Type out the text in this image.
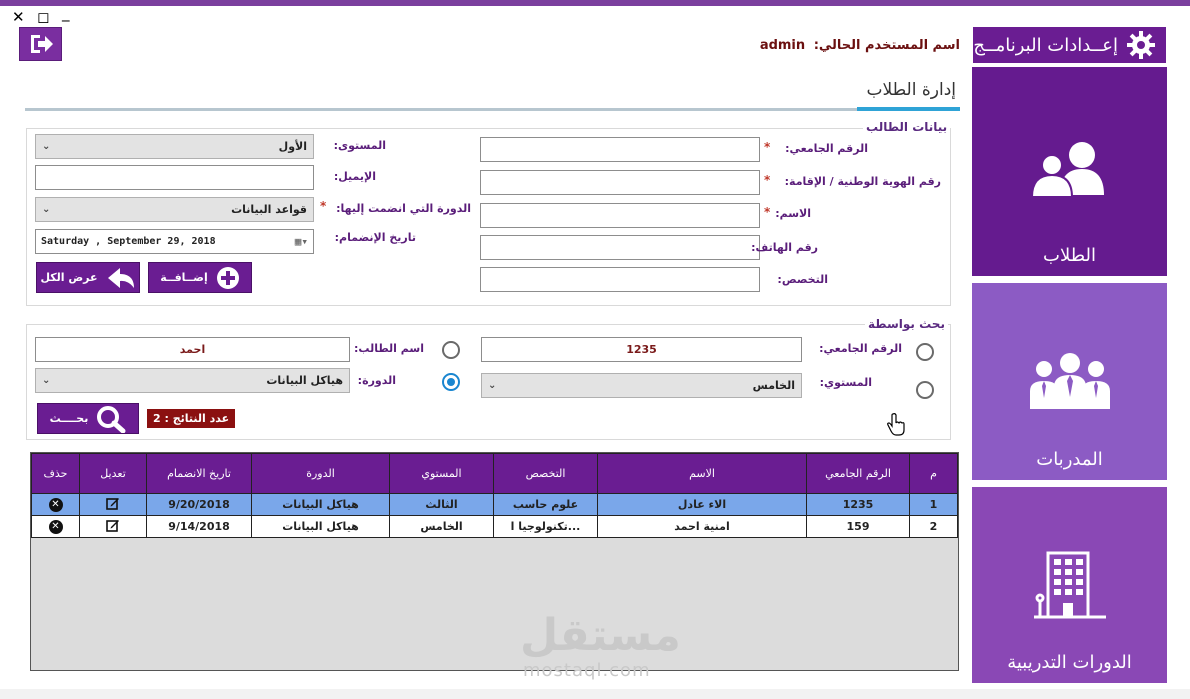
✕ ◻ _
اسم المستخدم الحالي: admin	إعــدادات البرنامــج
إدارة الطلاب
الطلاب
المدربات
الدورات التدريبية
بيانات الطالب
* الرقم الجامعي:
*	رقم الهوية الوطنية / الإقامة:
* الاسم:
رقم الهاتف:
التخصص:
⌄	الأول	المستوى:
الإيميل:
⌄	قواعد البيانات * الدورة التي انضمت إليها:
Saturday , September 29, 2018	▦▾	تاريخ الإنضمام:
إضــافــة
عرض الكل
بحث بواسطة
الرقم الجامعي:
1235
المستوي:
⌄	الخامس
اسم الطالب:
احمد
الدورة:
⌄	هياكل البيانات
بحــــث	عدد النتائج : 2
حذف	تعديل	تاريخ الانضمام	الدورة	المستوي	التخصص	الاسم	الرقم الجامعي	م
✕		9/20/2018	هياكل البيانات	الثالث	علوم حاسب	الاء عادل	1235	1
✕		9/14/2018	هياكل البيانات	الخامس	تكنولوجيا ا...	امنية احمد	159	2
مستقل
mostaql.com
